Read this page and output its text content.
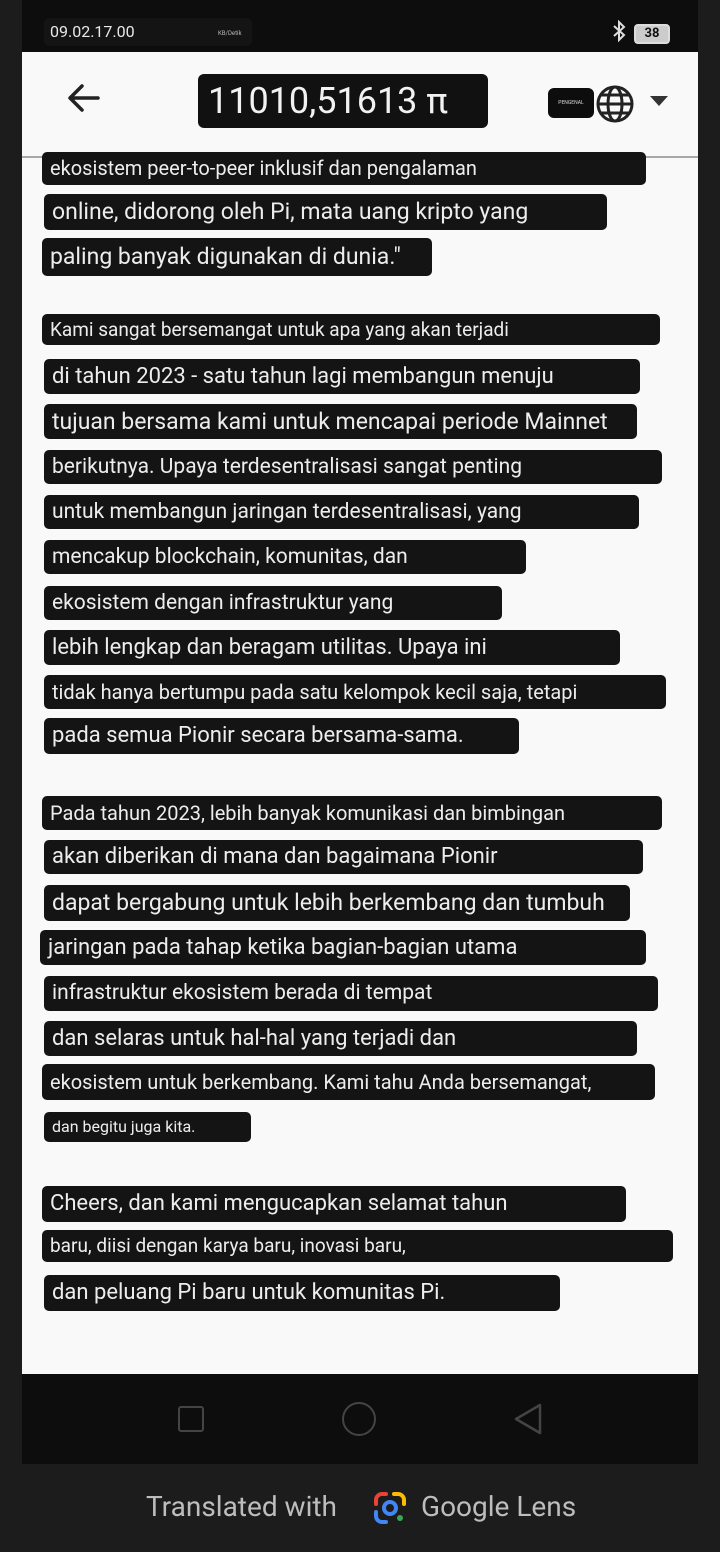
09.02.17.00	KB/Detik	38
11010,51613 π	PENGENAL
ekosistem peer-to-peer inklusif dan pengalaman
online, didorong oleh Pi, mata uang kripto yang
paling banyak digunakan di dunia."
Kami sangat bersemangat untuk apa yang akan terjadi
di tahun 2023 - satu tahun lagi membangun menuju
tujuan bersama kami untuk mencapai periode Mainnet
berikutnya. Upaya terdesentralisasi sangat penting
untuk membangun jaringan terdesentralisasi, yang
mencakup blockchain, komunitas, dan
ekosistem dengan infrastruktur yang
lebih lengkap dan beragam utilitas. Upaya ini
tidak hanya bertumpu pada satu kelompok kecil saja, tetapi
pada semua Pionir secara bersama-sama.
Pada tahun 2023, lebih banyak komunikasi dan bimbingan
akan diberikan di mana dan bagaimana Pionir
dapat bergabung untuk lebih berkembang dan tumbuh
jaringan pada tahap ketika bagian-bagian utama
infrastruktur ekosistem berada di tempat
dan selaras untuk hal-hal yang terjadi dan
ekosistem untuk berkembang. Kami tahu Anda bersemangat,
dan begitu juga kita.
Cheers, dan kami mengucapkan selamat tahun
baru, diisi dengan karya baru, inovasi baru,
dan peluang Pi baru untuk komunitas Pi.
Translated with	Google Lens
